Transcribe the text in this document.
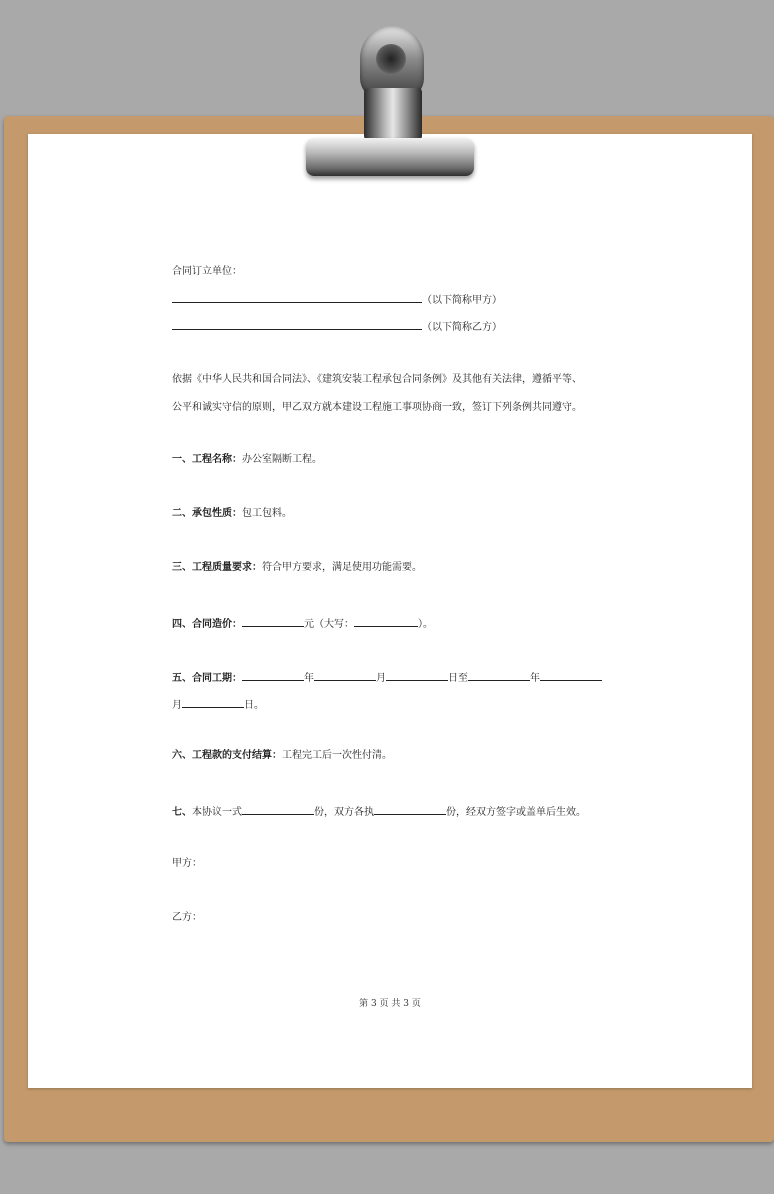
合同订立单位：
（以下简称甲方）
（以下简称乙方）
依据《中华人民共和国合同法》、《建筑安装工程承包合同条例》及其他有关法律，遵循平等、
公平和诚实守信的原则，甲乙双方就本建设工程施工事项协商一致，签订下列条例共同遵守。
一、工程名称：办公室隔断工程。
二、承包性质：包工包料。
三、工程质量要求：符合甲方要求，满足使用功能需要。
四、合同造价：	元（大写：	）。
五、合同工期：	年	月	日至	年
月	日。
六、工程款的支付结算：工程完工后一次性付清。
七、本协议一式	份，双方各执	份，经双方签字或盖单后生效。
甲方：
乙方：
第 3 页 共 3 页
